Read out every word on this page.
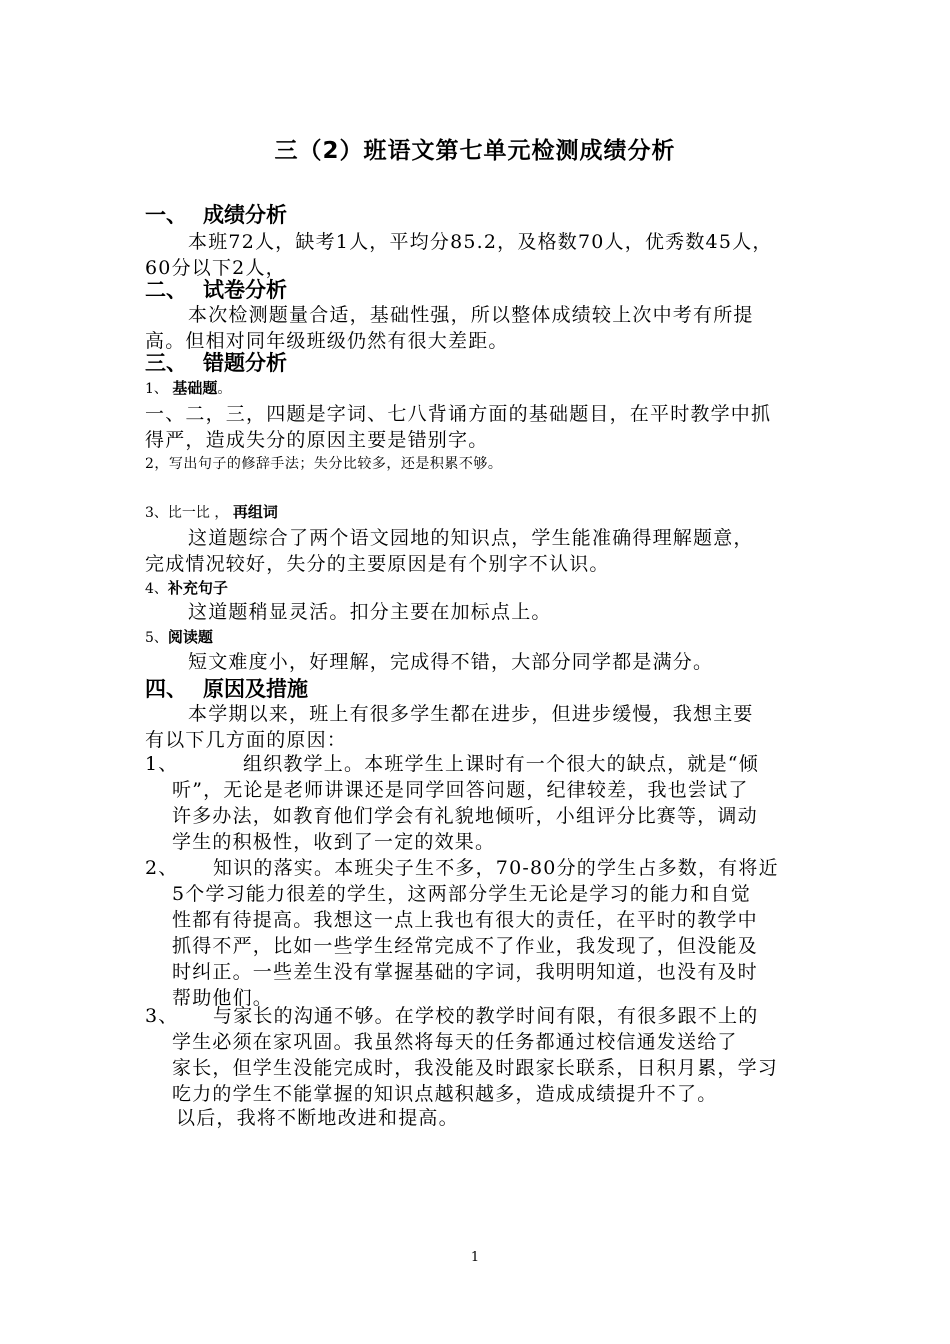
三（2）班语文第七单元检测成绩分析
一、 成绩分析
本班72人，缺考1人，平均分85.2，及格数70人，优秀数45人，
60分以下2人，
二、 试卷分析
本次检测题量合适，基础性强，所以整体成绩较上次中考有所提
高。但相对同年级班级仍然有很大差距。
三、 错题分析
1、 基础题。
一、二，三，四题是字词、七八背诵方面的基础题目，在平时教学中抓
得严，造成失分的原因主要是错别字。
2，写出句子的修辞手法；失分比较多，还是积累不够。
3、比一比 ， 再组词
这道题综合了两个语文园地的知识点，学生能准确得理解题意，
完成情况较好，失分的主要原因是有个别字不认识。
4、补充句子
这道题稍显灵活。扣分主要在加标点上。
5、阅读题
短文难度小，好理解，完成得不错，大部分同学都是满分。
四、 原因及措施
本学期以来，班上有很多学生都在进步，但进步缓慢，我想主要
有以下几方面的原因：
1、	组织教学上。本班学生上课时有一个很大的缺点，就是“倾
听”，无论是老师讲课还是同学回答问题，纪律较差，我也尝试了
许多办法，如教育他们学会有礼貌地倾听，小组评分比赛等，调动
学生的积极性，收到了一定的效果。
2、 知识的落实。本班尖子生不多，70-80分的学生占多数，有将近
5个学习能力很差的学生，这两部分学生无论是学习的能力和自觉
性都有待提高。我想这一点上我也有很大的责任，在平时的教学中
抓得不严，比如一些学生经常完成不了作业，我发现了，但没能及
时纠正。一些差生没有掌握基础的字词，我明明知道，也没有及时
帮助他们。
3、 与家长的沟通不够。在学校的教学时间有限，有很多跟不上的
学生必须在家巩固。我虽然将每天的任务都通过校信通发送给了
家长，但学生没能完成时，我没能及时跟家长联系，日积月累，学习
吃力的学生不能掌握的知识点越积越多，造成成绩提升不了。
以后，我将不断地改进和提高。
1
